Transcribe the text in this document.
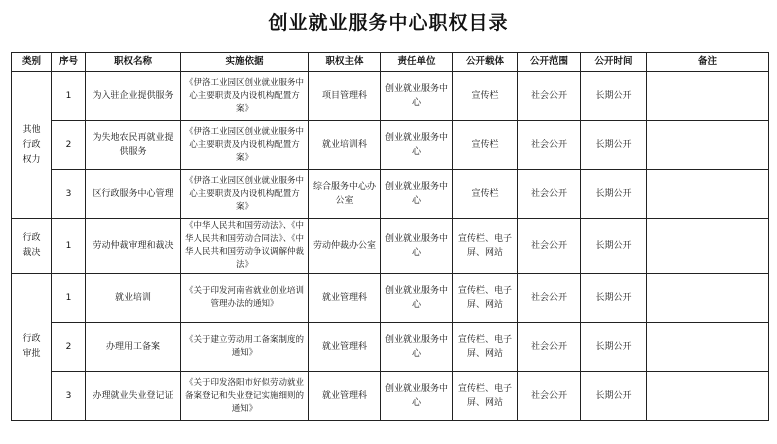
创业就业服务中心职权目录
类别	序号	职权名称	实施依据	职权主体	责任单位	公开载体	公开范围	公开时间	备注
其他
行政
权力	1	为入驻企业提供服务	《伊洛工业园区创业就业服务中心主要职责及内设机构配置方案》	项目管理科	创业就业服务中心	宣传栏	社会公开	长期公开	
	2	为失地农民再就业提供服务	《伊洛工业园区创业就业服务中心主要职责及内设机构配置方案》	就业培训科	创业就业服务中心	宣传栏	社会公开	长期公开	
	3	区行政服务中心管理	《伊洛工业园区创业就业服务中心主要职责及内设机构配置方案》	综合服务中心办公室	创业就业服务中心	宣传栏	社会公开	长期公开	
行政
裁决	1	劳动仲裁审理和裁决	《中华人民共和国劳动法》、《中华人民共和国劳动合同法》、《中华人民共和国劳动争议调解仲裁法》	劳动仲裁办公室	创业就业服务中心	宣传栏、电子屏、网站	社会公开	长期公开	
行政
审批	1	就业培训	《关于印发河南省就业创业培训管理办法的通知》	就业管理科	创业就业服务中心	宣传栏、电子屏、网站	社会公开	长期公开	
	2	办理用工备案	《关于建立劳动用工备案制度的通知》	就业管理科	创业就业服务中心	宣传栏、电子屏、网站	社会公开	长期公开	
	3	办理就业失业登记证	《关于印发洛阳市好似劳动就业备案登记和失业登记实施细则的通知》	就业管理科	创业就业服务中心	宣传栏、电子屏、网站	社会公开	长期公开	
